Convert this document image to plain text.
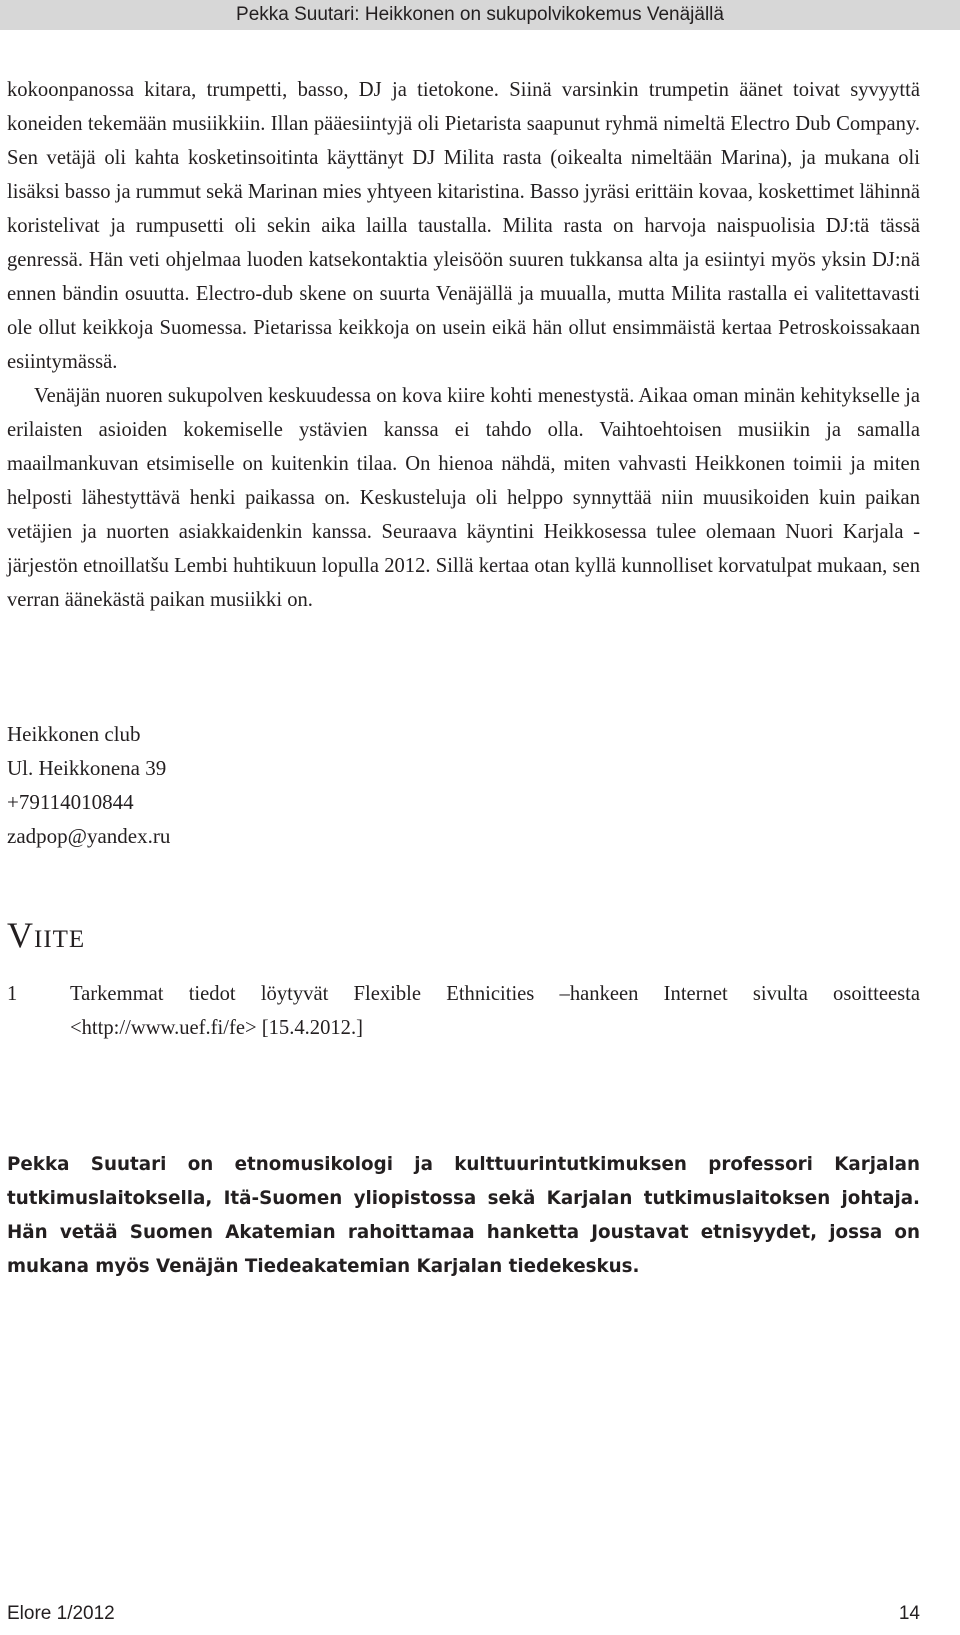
Pekka Suutari: Heikkonen on sukupolvikokemus Venäjällä

kokoonpanossa kitara, trumpetti, basso, DJ ja tietokone. Siinä varsinkin trumpetin äänet toivat syvyyttä koneiden tekemään musiikkiin. Illan pääesiintyjä oli Pietarista saapunut ryhmä nimeltä Electro Dub Company. Sen vetäjä oli kahta kosketinsoitinta käyttänyt DJ Milita rasta (oikealta nimeltään Marina), ja mukana oli lisäksi basso ja rummut sekä Marinan mies yhtyeen kitaristina. Basso jyräsi erittäin kovaa, koskettimet lähinnä koristelivat ja rumpusetti oli sekin aika lailla taustalla. Milita rasta on harvoja naispuolisia DJ:tä tässä genressä. Hän veti ohjelmaa luoden katsekontaktia yleisöön suuren tukkansa alta ja esiintyi myös yksin DJ:nä ennen bändin osuutta. Electro-dub skene on suurta Venäjällä ja muualla, mutta Milita rastalla ei valitettavasti ole ollut keikkoja Suomessa. Pietarissa keikkoja on usein eikä hän ollut ensimmäistä kertaa Petroskoissakaan esiintymässä.

Venäjän nuoren sukupolven keskuudessa on kova kiire kohti menestystä. Aikaa oman minän kehitykselle ja erilaisten asioiden kokemiselle ystävien kanssa ei tahdo olla. Vaihtoehtoisen musiikin ja samalla maailmankuvan etsimiselle on kuitenkin tilaa. On hienoa nähdä, miten vahvasti Heikkonen toimii ja miten helposti lähestyttävä henki paikassa on. Keskusteluja oli helppo synnyttää niin muusikoiden kuin paikan vetäjien ja nuorten asiakkaidenkin kanssa. Seuraava käyntini Heikkosessa tulee olemaan Nuori Karjala -järjestön etnoillatšu Lembi huhtikuun lopulla 2012. Sillä kertaa otan kyllä kunnolliset korvatulpat mukaan, sen verran äänekästä paikan musiikki on.

Heikkonen club
Ul. Heikkonena 39
+79114010844
zadpop@yandex.ru
Viite
1	Tarkemmat tiedot löytyvät Flexible Ethnicities –hankeen Internet sivulta osoitteesta <http://www.uef.fi/fe> [15.4.2012.]
Pekka Suutari on etnomusikologi ja kulttuurintutkimuksen professori Karjalan tutkimuslaitoksella, Itä-Suomen yliopistossa sekä Karjalan tutkimuslaitoksen johtaja. Hän vetää Suomen Akatemian rahoittamaa hanketta Joustavat etnisyydet, jossa on mukana myös Venäjän Tiedeakatemian Karjalan tiedekeskus.
Elore 1/2012	14
